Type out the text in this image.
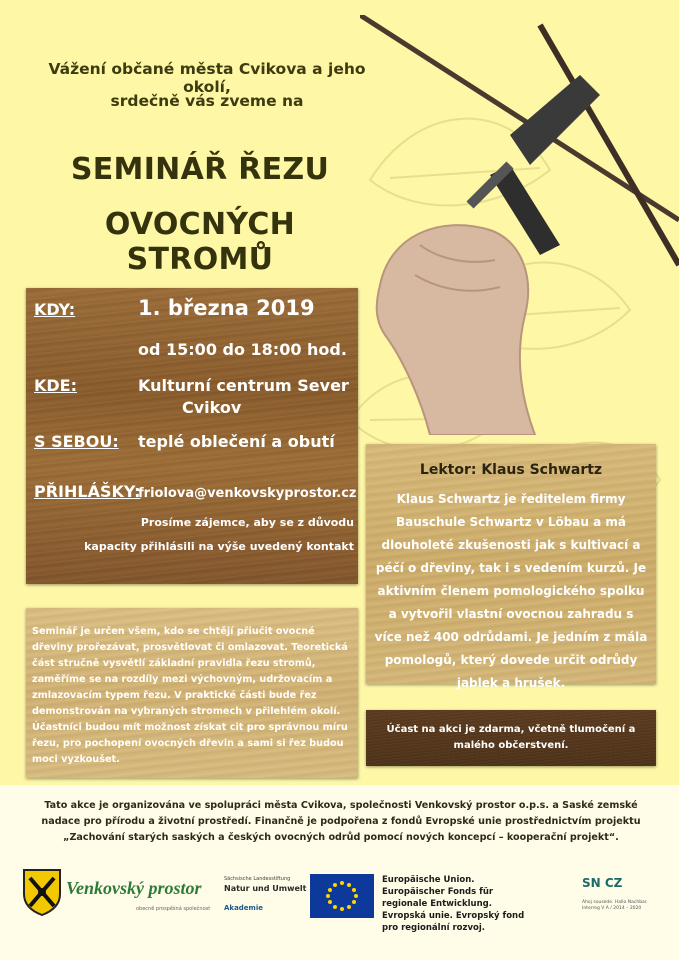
Vážení občané města Cvikova a jeho okolí,
srdečně vás zveme na
SEMINÁŘ ŘEZU
OVOCNÝCH STROMŮ
KDY:	1. března 2019
od 15:00 do 18:00 hod.
KDE:	Kulturní centrum Sever
Cvikov
S SEBOU: teplé oblečení a obutí
PŘIHLÁŠKY:
friolova@venkovskyprostor.cz
Prosíme zájemce, aby se z důvodu
kapacity přihlásili na výše uvedený kontakt
Lektor: Klaus Schwartz
Klaus Schwartz je ředitelem firmy Bauschule Schwartz v Löbau a má dlouholeté zkušenosti jak s kultivací a péčí o dřeviny, tak i s vedením kurzů. Je aktivním členem pomologického spolku a vytvořil vlastní ovocnou zahradu s více než 400 odrůdami. Je jedním z mála pomologů, který dovede určit odrůdy jablek a hrušek.
Seminář je určen všem, kdo se chtějí přiučit ovocné dřeviny prořezávat, prosvětlovat či omlazovat. Teoretická část stručně vysvětlí základní pravidla řezu stromů, zaměříme se na rozdíly mezi výchovným, udržovacím a zmlazovacím typem řezu. V praktické části bude řez demonstrován na vybraných stromech v přilehlém okolí. Účastníci budou mít možnost získat cit pro správnou míru řezu, pro pochopení ovocných dřevin a sami si řez budou moci vyzkoušet.
Účast na akci je zdarma, včetně tlumočení a malého občerstvení.
Tato akce je organizována ve spolupráci města Cvikova, společnosti Venkovský prostor o.p.s. a Saské zemské nadace pro přírodu a životní prostředí. Finančně je podpořena z fondů Evropské unie prostřednictvím projektu „Zachování starých saských a českých ovocných odrůd pomocí nových koncepcí – kooperační projekt“.
Venkovský prostor
obecně prospěšná společnost
Sächsische Landesstiftung
Natur und Umwelt
Akademie
SN CZ
Ahoj sousede. Hallo Nachbar. Interreg V A / 2014 – 2020
Europäische Union. Europäischer Fonds für regionale Entwicklung. Evropská unie. Evropský fond pro regionální rozvoj.
